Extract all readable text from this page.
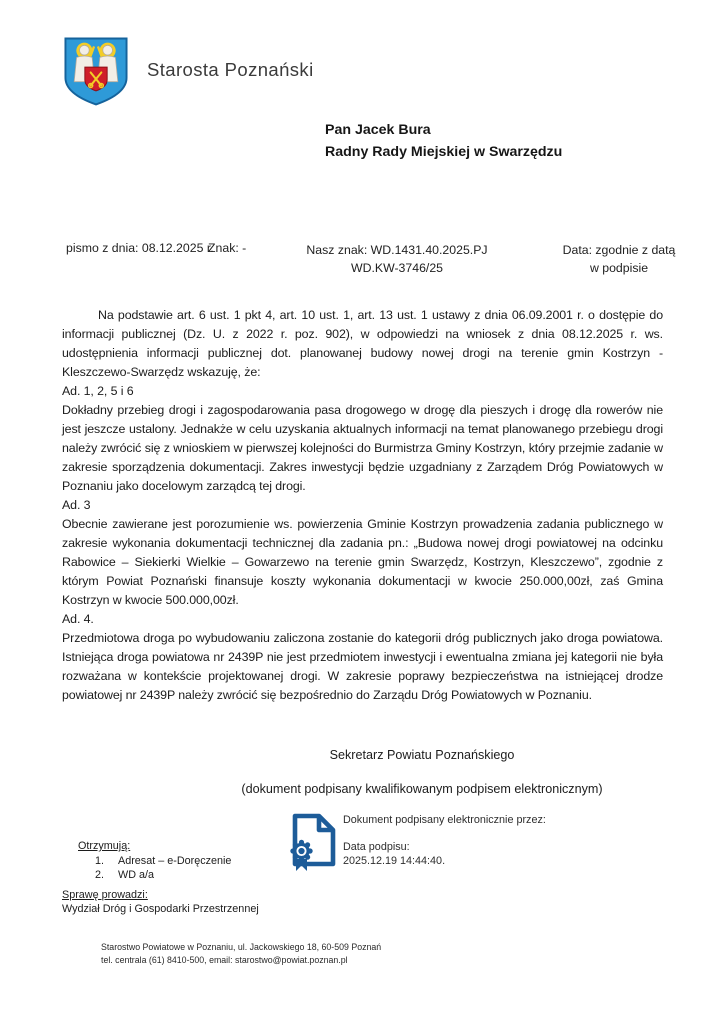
Starosta Poznański
Pan Jacek Bura
Radny Rady Miejskiej w Swarzędzu
pismo z dnia: 08.12.2025 r.
Znak: -	Nasz znak: WD.1431.40.2025.PJ
WD.KW-3746/25
Data: zgodnie z datą
w podpisie

Na podstawie art. 6 ust. 1 pkt 4, art. 10 ust. 1, art. 13 ust. 1 ustawy z dnia 06.09.2001 r. o dostępie do informacji publicznej (Dz. U. z 2022 r. poz. 902), w odpowiedzi na wniosek z dnia 08.12.2025 r. ws. udostępnienia informacji publicznej dot. planowanej budowy nowej drogi na terenie gmin Kostrzyn -Kleszczewo-Swarzędz wskazuję, że:

Ad. 1, 2, 5 i 6

Dokładny przebieg drogi i zagospodarowania pasa drogowego w drogę dla pieszych i drogę dla rowerów nie jest jeszcze ustalony. Jednakże w celu uzyskania aktualnych informacji na temat planowanego przebiegu drogi należy zwrócić się z wnioskiem w pierwszej kolejności do Burmistrza Gminy Kostrzyn, który przejmie zadanie w zakresie sporządzenia dokumentacji. Zakres inwestycji będzie uzgadniany z Zarządem Dróg Powiatowych w Poznaniu jako docelowym zarządcą tej drogi.

Ad. 3

Obecnie zawierane jest porozumienie ws. powierzenia Gminie Kostrzyn prowadzenia zadania publicznego w zakresie wykonania dokumentacji technicznej dla zadania pn.: „Budowa nowej drogi powiatowej na odcinku Rabowice – Siekierki Wielkie – Gowarzewo na terenie gmin Swarzędz, Kostrzyn, Kleszczewo”, zgodnie z którym Powiat Poznański finansuje koszty wykonania dokumentacji w kwocie 250.000,00zł, zaś Gmina Kostrzyn w kwocie 500.000,00zł.

Ad. 4.

Przedmiotowa droga po wybudowaniu zaliczona zostanie do kategorii dróg publicznych jako droga powiatowa. Istniejąca droga powiatowa nr 2439P nie jest przedmiotem inwestycji i ewentualna zmiana jej kategorii nie była rozważana w kontekście projektowanej drogi. W zakresie poprawy bezpieczeństwa na istniejącej drodze powiatowej nr 2439P należy zwrócić się bezpośrednio do Zarządu Dróg Powiatowych w Poznaniu.

Sekretarz Powiatu Poznańskiego
(dokument podpisany kwalifikowanym podpisem elektronicznym)
Dokument podpisany elektronicznie przez:
Data podpisu:
2025.12.19 14:44:40.
Otrzymują:
1. Adresat – e-Doręczenie
2. WD a/a
Sprawę prowadzi:
Wydział Dróg i Gospodarki Przestrzennej
Starostwo Powiatowe w Poznaniu, ul. Jackowskiego 18, 60-509 Poznań
tel. centrala (61) 8410-500, email: starostwo@powiat.poznan.pl
